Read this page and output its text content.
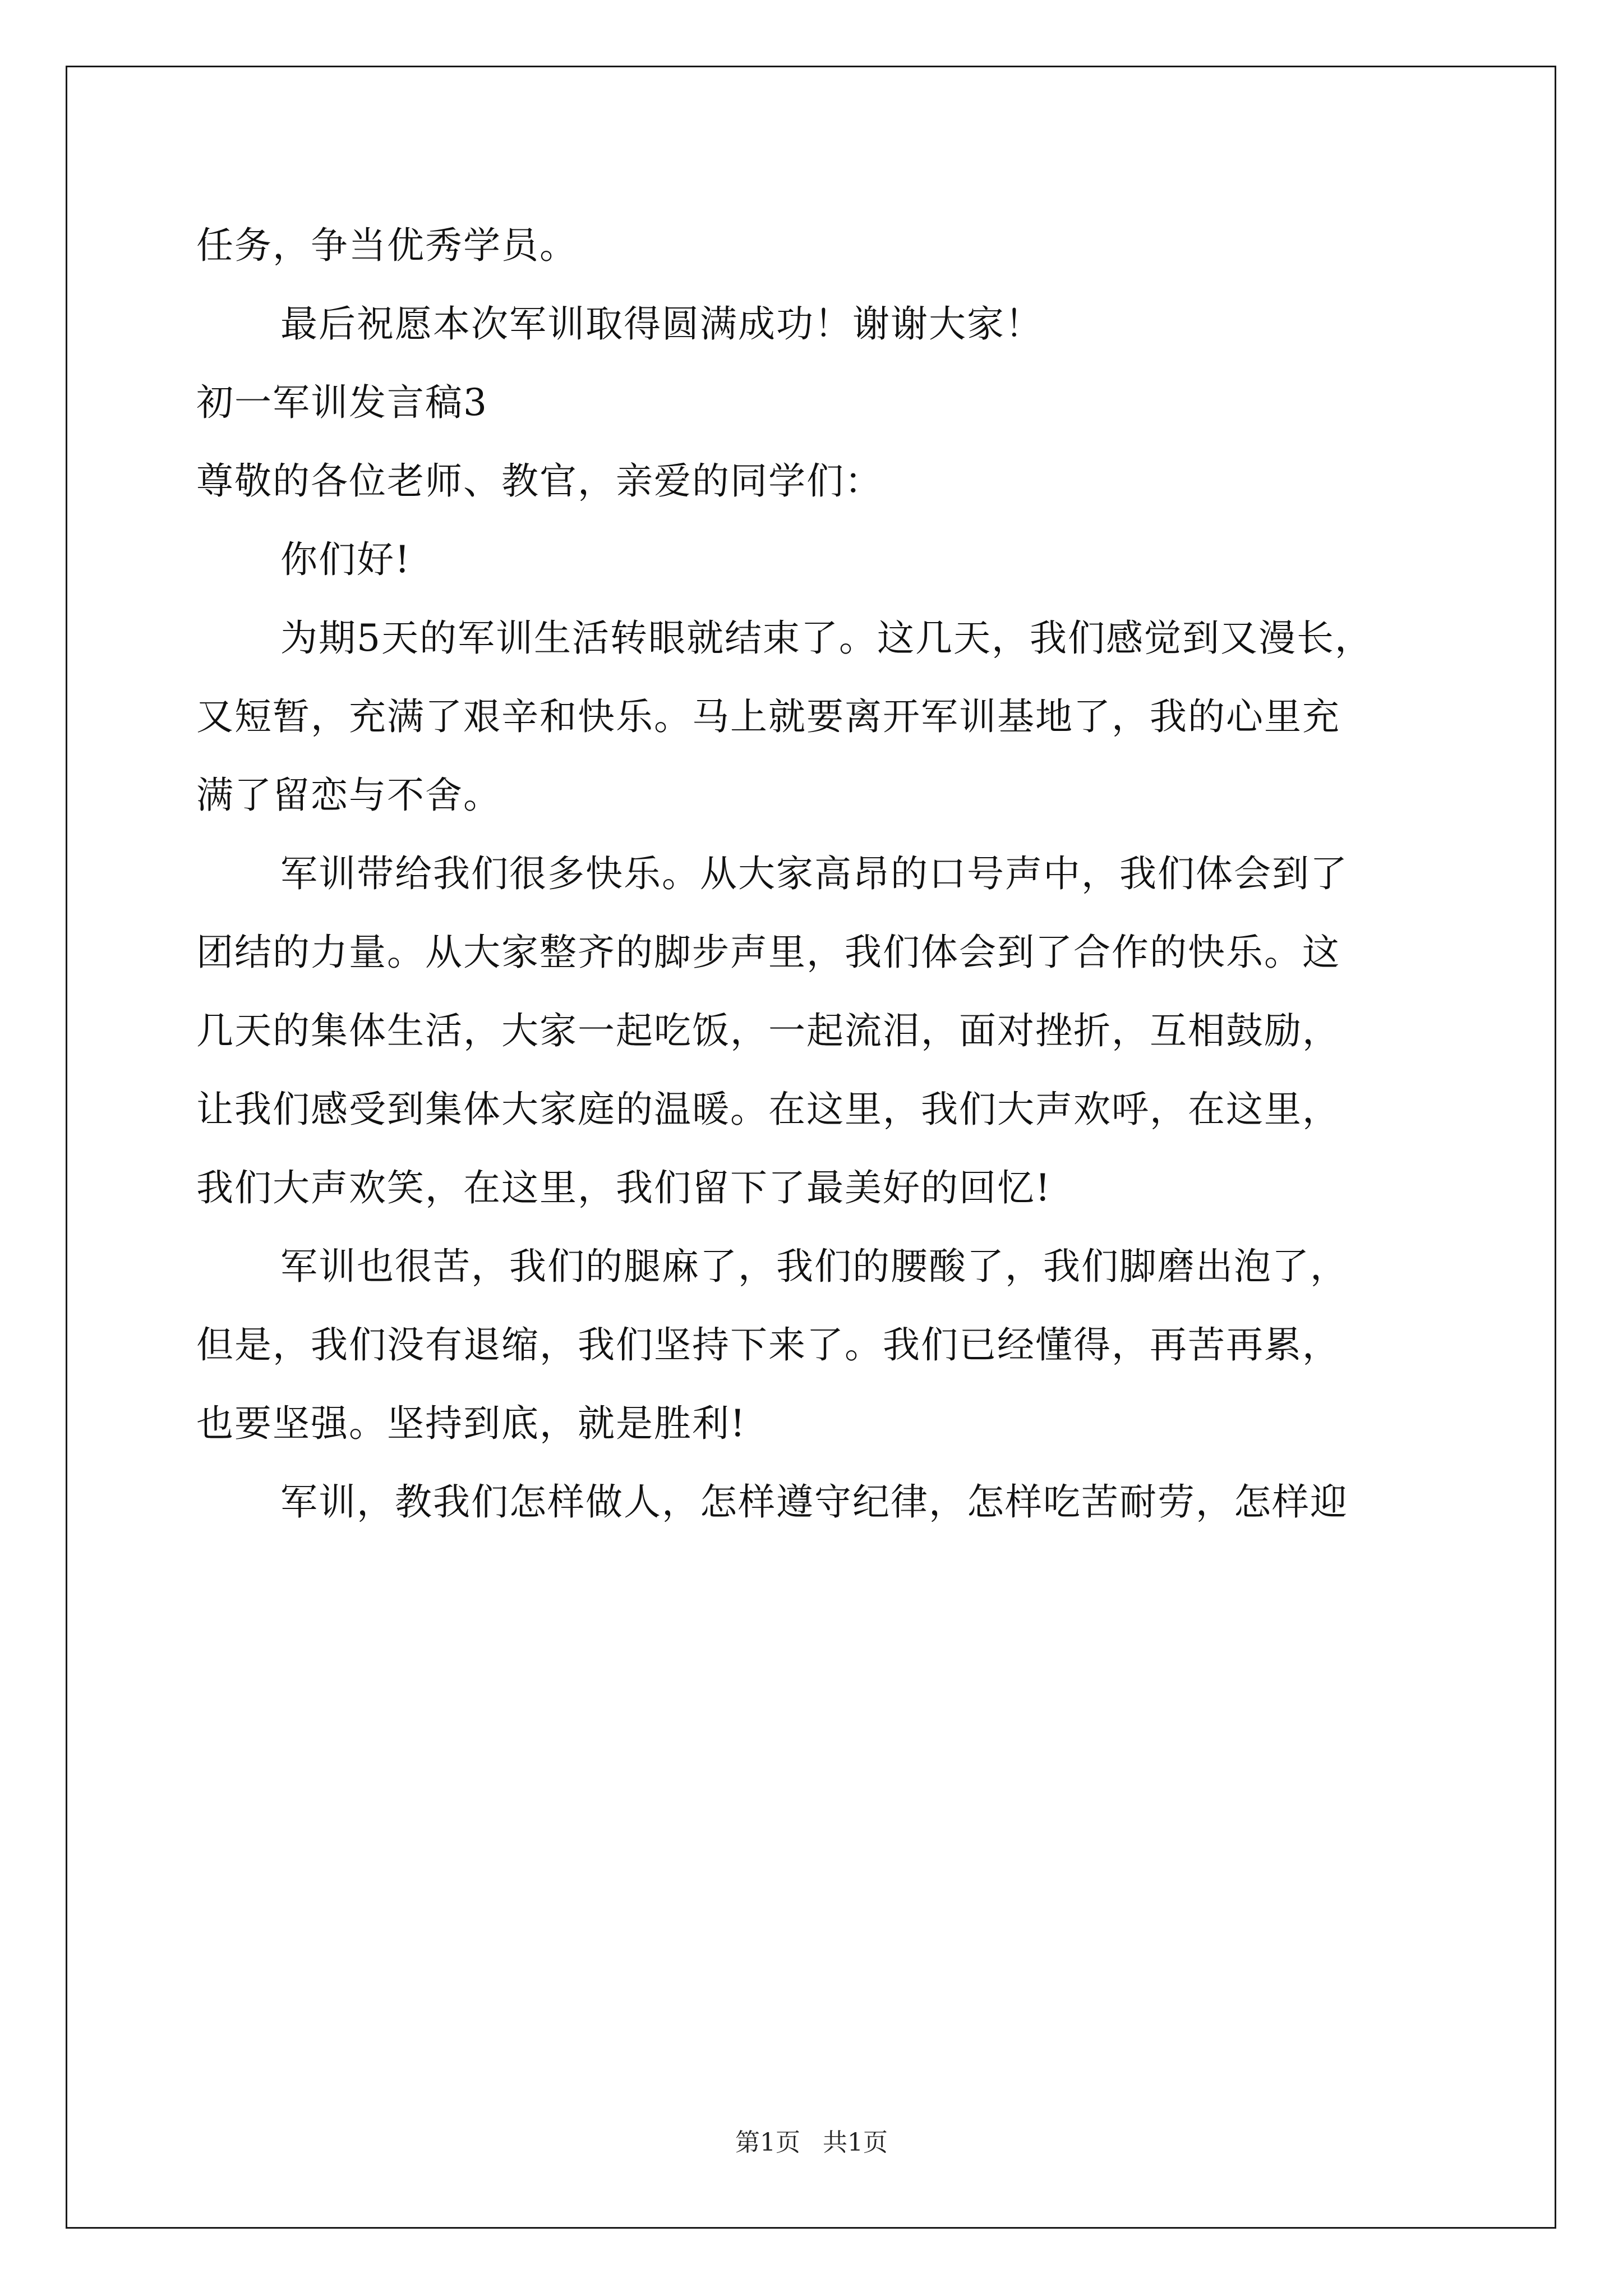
任务，争当优秀学员。
最后祝愿本次军训取得圆满成功！谢谢大家！
初一军训发言稿3
尊敬的各位老师、教官，亲爱的同学们：
你们好!
为期5天的军训生活转眼就结束了。这几天，我们感觉到又漫长，
又短暂，充满了艰辛和快乐。马上就要离开军训基地了，我的心里充
满了留恋与不舍。
军训带给我们很多快乐。从大家高昂的口号声中，我们体会到了
团结的力量。从大家整齐的脚步声里，我们体会到了合作的快乐。这
几天的集体生活，大家一起吃饭，一起流泪，面对挫折，互相鼓励，
让我们感受到集体大家庭的温暖。在这里，我们大声欢呼，在这里，
我们大声欢笑，在这里，我们留下了最美好的回忆!
军训也很苦，我们的腿麻了，我们的腰酸了，我们脚磨出泡了，
但是，我们没有退缩，我们坚持下来了。我们已经懂得，再苦再累，
也要坚强。坚持到底，就是胜利!
军训，教我们怎样做人，怎样遵守纪律，怎样吃苦耐劳，怎样迎
第1页 共1页
